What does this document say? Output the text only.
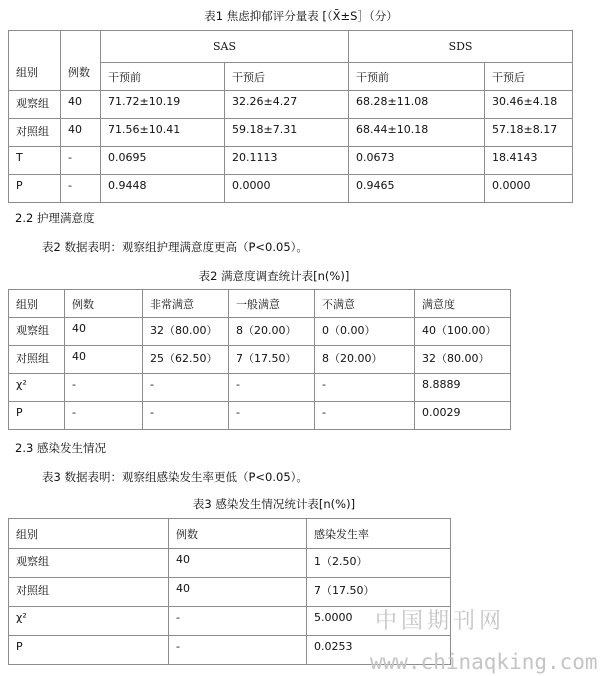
表1 焦虑抑郁评分量表 [（X̄±S］（分）
组别	例数	SAS		SDS	
		干预前	干预后	干预前	干预后
观察组	40	71.72±10.19	32.26±4.27	68.28±11.08	30.46±4.18
对照组	40	71.56±10.41	59.18±7.31	68.44±10.18	57.18±8.17
T	-	0.0695	20.1113	0.0673	18.4143
P	-	0.9448	0.0000	0.9465	0.0000
2.2 护理满意度
表2 数据表明：观察组护理满意度更高（P<0.05）。
表2 满意度调查统计表[n(%)]
组别	例数	非常满意	一般满意	不满意	满意度
观察组	40	32（80.00）	8（20.00）	0（0.00）	40（100.00）
对照组	40	25（62.50）	7（17.50）	8（20.00）	32（80.00）
χ²	-	-	-	-	8.8889
P	-	-	-	-	0.0029
2.3 感染发生情况
表3 数据表明：观察组感染发生率更低（P<0.05）。
表3 感染发生情况统计表[n(%)]
组别	例数	感染发生率
观察组	40	1（2.50）
对照组	40	7（17.50）
χ²	-	5.0000
P	-	0.0253
中国期刊网
www.chinaqking.com
